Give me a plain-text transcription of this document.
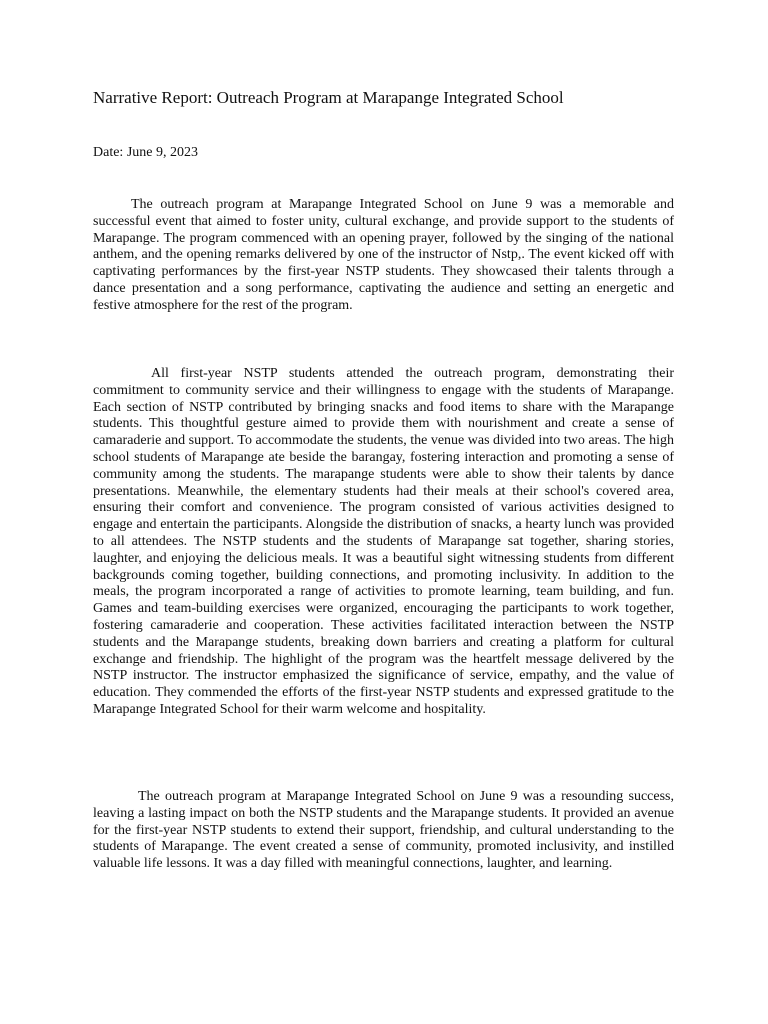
Narrative Report: Outreach Program at Marapange Integrated School

Date: June 9, 2023

The outreach program at Marapange Integrated School on June 9 was a memorable and successful event that aimed to foster unity, cultural exchange, and provide support to the students of Marapange. The program commenced with an opening prayer, followed by the singing of the national anthem, and the opening remarks delivered by one of the instructor of Nstp,. The event kicked off with captivating performances by the first-year NSTP students. They showcased their talents through a dance presentation and a song performance, captivating the audience and setting an energetic and festive atmosphere for the rest of the program.

All first-year NSTP students attended the outreach program, demonstrating their commitment to community service and their willingness to engage with the students of Marapange. Each section of NSTP contributed by bringing snacks and food items to share with the Marapange students. This thoughtful gesture aimed to provide them with nourishment and create a sense of camaraderie and support. To accommodate the students, the venue was divided into two areas. The high school students of Marapange ate beside the barangay, fostering interaction and promoting a sense of community among the students. The marapange students were able to show their talents by dance presentations. Meanwhile, the elementary students had their meals at their school's covered area, ensuring their comfort and convenience. The program consisted of various activities designed to engage and entertain the participants. Alongside the distribution of snacks, a hearty lunch was provided to all attendees. The NSTP students and the students of Marapange sat together, sharing stories, laughter, and enjoying the delicious meals. It was a beautiful sight witnessing students from different backgrounds coming together, building connections, and promoting inclusivity. In addition to the meals, the program incorporated a range of activities to promote learning, team building, and fun. Games and team-building exercises were organized, encouraging the participants to work together, fostering camaraderie and cooperation. These activities facilitated interaction between the NSTP students and the Marapange students, breaking down barriers and creating a platform for cultural exchange and friendship. The highlight of the program was the heartfelt message delivered by the NSTP instructor. The instructor emphasized the significance of service, empathy, and the value of education. They commended the efforts of the first-year NSTP students and expressed gratitude to the Marapange Integrated School for their warm welcome and hospitality.

The outreach program at Marapange Integrated School on June 9 was a resounding success, leaving a lasting impact on both the NSTP students and the Marapange students. It provided an avenue for the first-year NSTP students to extend their support, friendship, and cultural understanding to the students of Marapange. The event created a sense of community, promoted inclusivity, and instilled valuable life lessons. It was a day filled with meaningful connections, laughter, and learning.
